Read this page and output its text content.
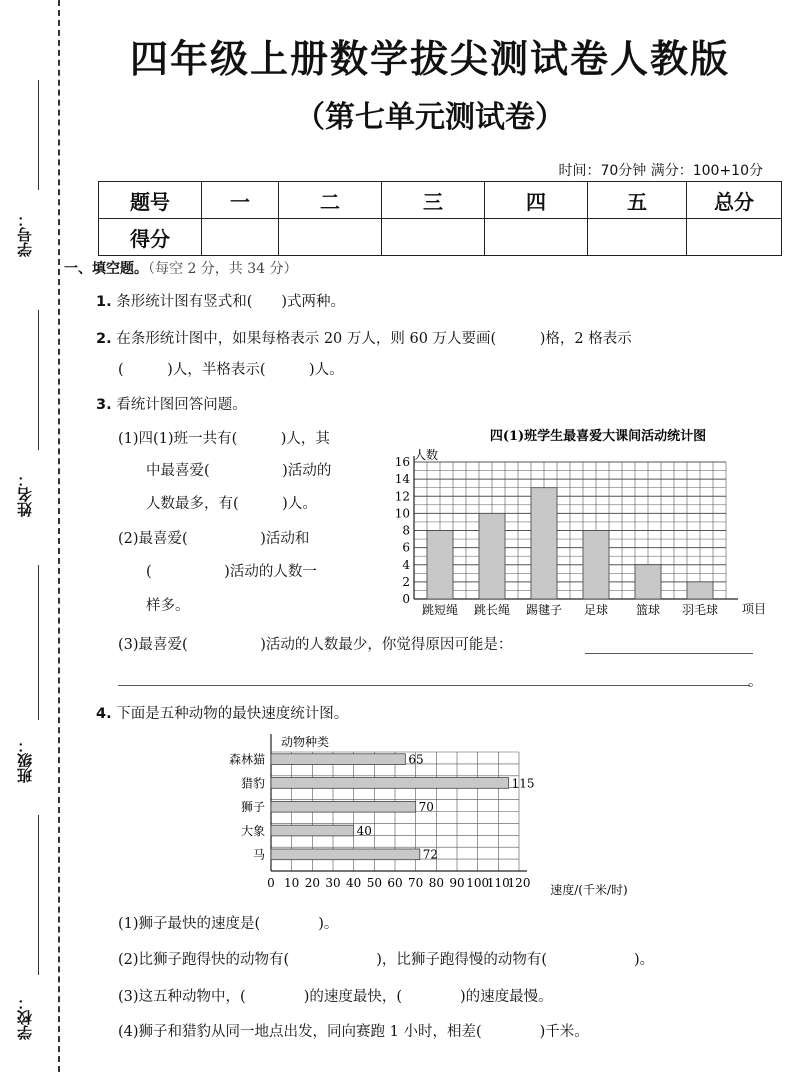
学号：
姓名：
班级：
学校：
四年级上册数学拔尖测试卷人教版
（第七单元测试卷）
时间：70分钟 满分：100+10分
题号	一	二	三	四	五	总分
得分						
一、填空题。（每空 2 分，共 34 分）
1. 条形统计图有竖式和(　　)式两种。
2. 在条形统计图中，如果每格表示 20 万人，则 60 万人要画(　　　)格，2 格表示
(　　　)人，半格表示(　　　)人。
3. 看统计图回答问题。
(1)四(1)班一共有(　　　)人，其
中最喜爱(　　　　　)活动的
人数最多，有(　　　)人。
(2)最喜爱(　　　　　)活动和
(　　　　　)活动的人数一
样多。
(3)最喜爱(　　　　　)活动的人数最少，你觉得原因可能是：
。
四(1)班学生最喜爱大课间活动统计图
人数
项目
0
2
4
6
8
10
12
14
16
跳短绳 跳长绳 踢毽子 足球 篮球 羽毛球
4. 下面是五种动物的最快速度统计图。
动物种类
速度/(千米/时)
0 10 20 30 40 50 60 70 80 90 100
110
120
森林猫	65
猎豹	115
狮子	70
大象	40
马	72
(1)狮子最快的速度是(　　　　)。
(2)比狮子跑得快的动物有(　　　　　　)，比狮子跑得慢的动物有(　　　　　　)。
(3)这五种动物中，(　　　　)的速度最快，(　　　　)的速度最慢。
(4)狮子和猎豹从同一地点出发，同向赛跑 1 小时，相差(　　　　)千米。
